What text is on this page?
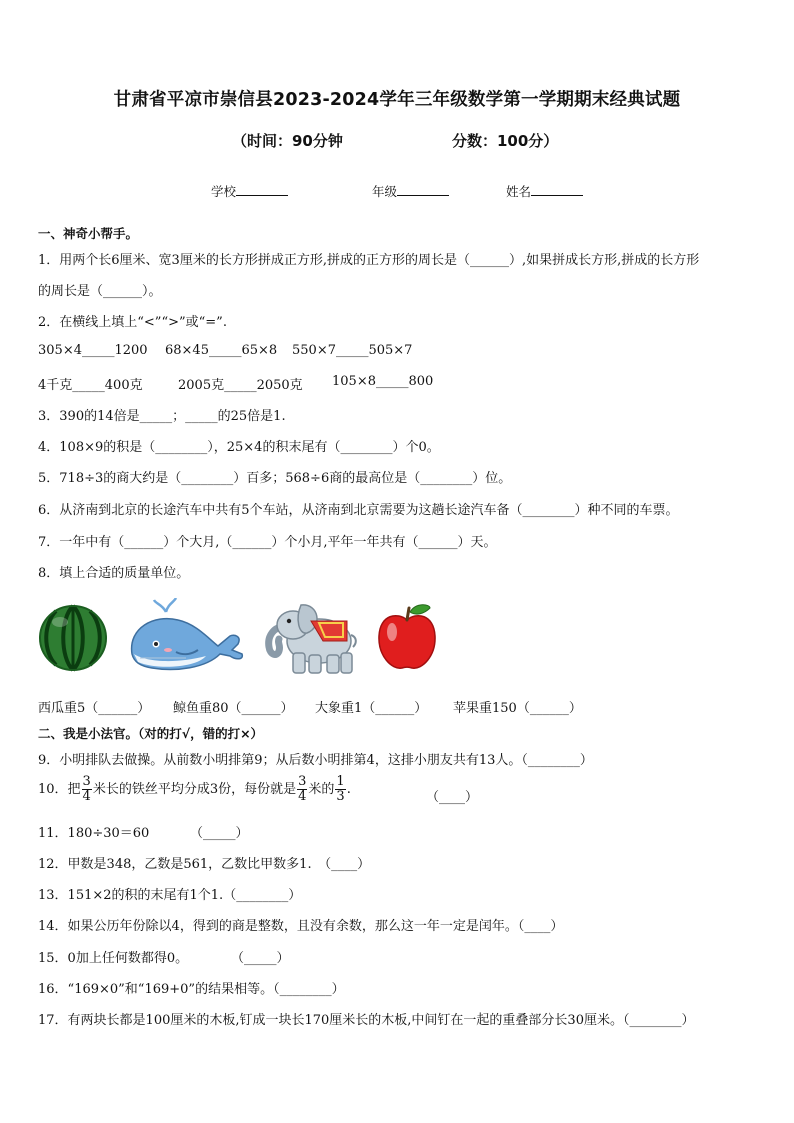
甘肃省平凉市崇信县2023-2024学年三年级数学第一学期期末经典试题
（时间：90分钟	分数：100分）
学校	年级	姓名
一、神奇小帮手。
1．用两个长6厘米、宽3厘米的长方形拼成正方形,拼成的正方形的周长是（______）,如果拼成长方形,拼成的长方形
的周长是（______）。
2．在横线上填上“<”“>”或“=”.
305×4_____1200 68×45_____65×8 550×7_____505×7
4千克_____400克	2005克_____2050克 105×8_____800
3．390的14倍是_____；_____的25倍是1.
4．108×9的积是（________），25×4的积末尾有（________）个0。
5．718÷3的商大约是（________）百多；568÷6商的最高位是（________）位。
6．从济南到北京的长途汽车中共有5个车站，从济南到北京需要为这趟长途汽车备（________）种不同的车票。
7．一年中有（______）个大月,（______）个小月,平年一年共有（______）天。
8．填上合适的质量单位。
西瓜重5（______） 鲸鱼重80（______） 大象重1（______） 苹果重150（______）
二、我是小法官。（对的打√，错的打×）
9．小明排队去做操。从前数小明排第9；从后数小明排第4，这排小朋友共有13人。（________）
10．把 $\frac{3}{4}$ 米长的铁丝平均分成3份，每份就是 $\frac{3}{4}$ 米的 $\frac{1}{3}$ .
（____）
11．180÷30＝60	（_____）
12．甲数是348，乙数是561，乙数比甲数多1.　（____）
13．151×2的积的末尾有1个1.（________）
14．如果公历年份除以4，得到的商是整数，且没有余数，那么这一年一定是闰年。（____）
15．0加上任何数都得0。	（_____）
16．“169×0”和“169+0”的结果相等。（________）
17．有两块长都是100厘米的木板,钉成一块长170厘米长的木板,中间钉在一起的重叠部分长30厘米。（________）
